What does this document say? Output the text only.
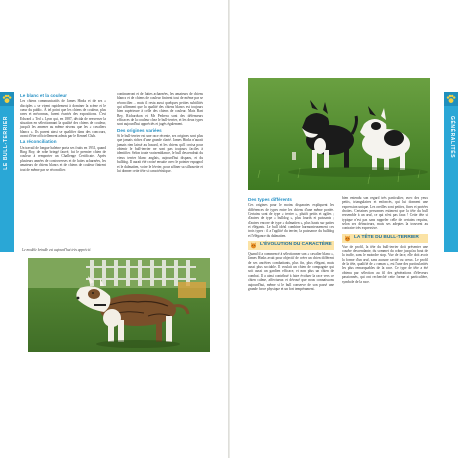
LE BULL-TERRIER
Le blanc et la couleur

Les chiens communicatifs de James Hinks et de ses « disciples » se virent rapidement à dominer la scène et le cœur du public. À tel point que les chiens de couleur, plus rares et méconnus, furent écartés des expositions. C'est Edward « Ted » Lyon qui, en 1887, décida de renverser la situation en sélectionnant la qualité des chiens de couleur, jusqu'à les amener au même niveau que les « cavaliers blancs ». Ils purent ainsi se qualifier dans des concours, avant d'être officiellement admis par le Kennel Club.

La réconciliation

Un travail de longue haleine porta ses fruits en 1931, quand Ring Boy, de robe bringé fauvé, fut le premier chien de couleur à remporter un Challenge Certificate. Après plusieurs années de controverses et de luttes acharnées, les amateurs de chiens blancs et de chiens de couleur finirent tout de même par se réconcilier.

continueront et de luttes acharnées, les amateurs de chiens blancs et de chiens de couleur finirent tout de même par se réconcilier… mais il resta aussi quelques petites subtilités qui affirment que la qualité des chiens blancs est toujours bien supérieure à celle des chiens de couleur. Mais Bart Bey, Richardson et Mr Pedrera sont des défenseurs efficaces de la couleur chez le bull-terrier, et les deux types sont aujourd'hui appréciés et jugés également.

Des origines variées

Si le bull-terrier est une race récente, ses origines sont plus que jamais riches d'une grande clarté. James Hinks n'aurait jamais rien laissé au hasard, et les chiens qu'il croisa pour obtenir le bull-terrier ne sont pas toujours faciles à identifier. Selon toute vraisemblance, le bull descendrait du vieux terrier blanc anglais, aujourd'hui disparu, et du bulldog. Il aurait été croisé ensuite avec le pointer espagnol et le dalmatien, voire le lévrier, pour affiner sa silhouette et lui donner cette tête si caractéristique.

Le modèle brindle est aujourd'hui très apprécié.
GÉNÉRALITÉS
Des types différents

Ces origines pour le moins disparates expliquent les différences de types entre les chiens d'une même portée. Certains sont de type « terrier », plutôt petits et agiles ; d'autres de type « bulldog », plus lourds et puissants ; d'autres encore de type « dalmatien », plus hauts sur pattes et élégants. Le bull idéal combine harmonieusement ces trois types : il a l'agilité du terrier, la puissance du bulldog et l'élégance du dalmatien.

L'ÉVOLUTION DU CARACTÈRE

Quand il a commencé à sélectionner son « cavalier blanc », James Hinks avait pour objectif de créer un chien différent de ses ancêtres combattants, plus fin, plus élégant, mais aussi plus sociable. Il voulait un chien de compagnie qui soit aussi un gardien efficace, et non plus un chien de combat. Il a ainsi contribué à faire évoluer la race vers ce chien calme, affectueux et dévoué que nous connaissons aujourd'hui, même si le bull conserve de son passé une grande force physique et un fort tempérament.

bien entendu son regard très particulier, avec des yeux petits, triangulaires et enfoncés, qui lui donnent une expression unique. Les oreilles sont petites, fines et portées droites. Certaines personnes estiment que la tête du bull ressemble à un œuf, ce qui n'est pas faux ! Cette tête si typique n'est pas sans rappeler celle de certains requins, selon ses détracteurs, mais ses adeptes la trouvent au contraire très expressive.

LA TÊTE DU BULL-TERRIER

Vue de profil, la tête du bull-terrier doit présenter une courbe descendante, du sommet du crâne jusqu'au bout de la truffe, sans le moindre stop. Vue de face, elle doit avoir la forme d'un œuf, sans aucune cavité ou creux. Le profil de la tête, qualifié de « roman », est l'une des particularités les plus remarquables de la race. Ce type de tête a été obtenu par sélection au fil des générations d'éleveurs passionnés, qui ont recherché cette forme si particulière, symbole de la race.
